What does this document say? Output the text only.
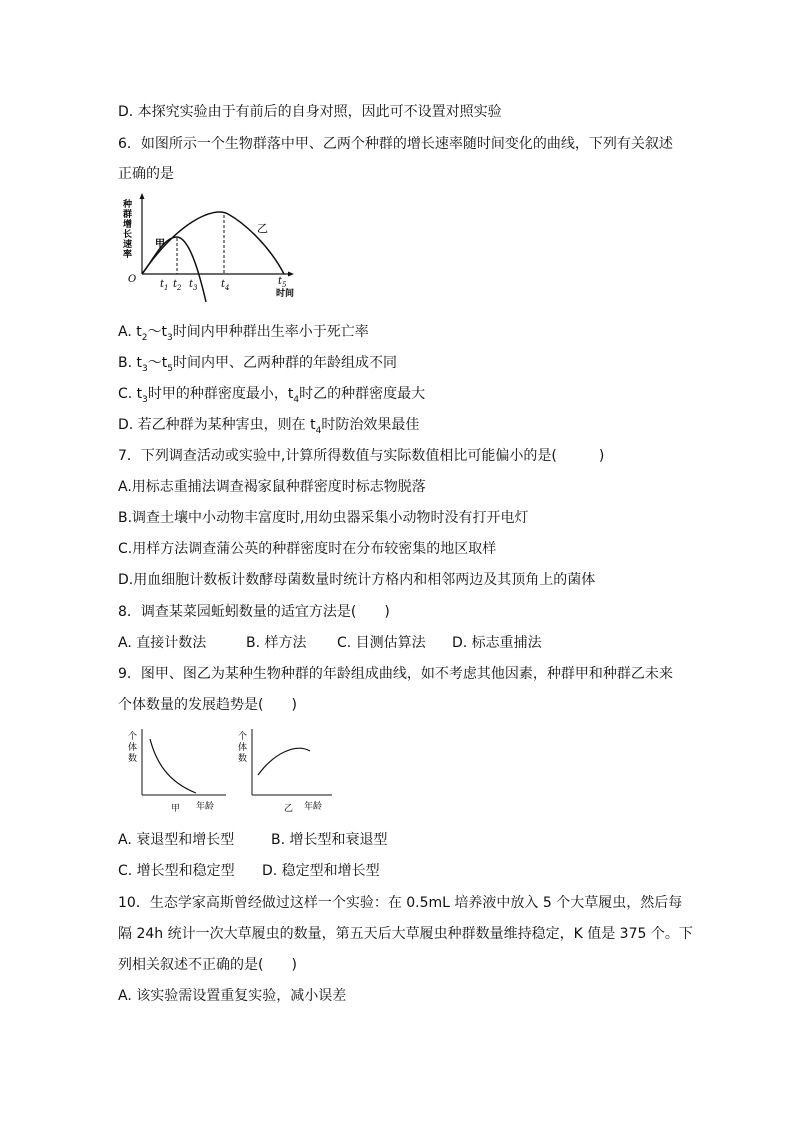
D. 本探究实验由于有前后的自身对照，因此可不设置对照实验
6．如图所示一个生物群落中甲、乙两个种群的增长速率随时间变化的曲线，下列有关叙述
正确的是
种
群
增
长
速
率
O
甲
乙
$t_1$ $t_2$ $t_3$ $t_4$
$t_5$
时间
A. $t_2\sim t_3$时间内甲种群出生率小于死亡率
B. $t_3\sim t_5$时间内甲、乙两种群的年龄组成不同
C. $t_3$时甲的种群密度最小，$t_4$时乙的种群密度最大
D. 若乙种群为某种害虫，则在 $t_4$时防治效果最佳
7．下列调查活动或实验中,计算所得数值与实际数值相比可能偏小的是(　　　)
A.用标志重捕法调查褐家鼠种群密度时标志物脱落
B.调查土壤中小动物丰富度时,用幼虫器采集小动物时没有打开电灯
C.用样方法调查蒲公英的种群密度时在分布较密集的地区取样
D.用血细胞计数板计数酵母菌数量时统计方格内和相邻两边及其顶角上的菌体
8．调查某菜园蚯蚓数量的适宜方法是(　　)
A. 直接计数法	B. 样方法 C. 目测估算法 D. 标志重捕法
9．图甲、图乙为某种生物种群的年龄组成曲线，如不考虑其他因素，种群甲和种群乙未来
个体数量的发展趋势是(　　)
个
体
数
甲 年龄
个
体
数
乙 年龄
A. 衰退型和增长型	B. 增长型和衰退型
C. 增长型和稳定型 D. 稳定型和增长型
10．生态学家高斯曾经做过这样一个实验：在 0.5mL 培养液中放入 5 个大草履虫，然后每
隔 24h 统计一次大草履虫的数量，第五天后大草履虫种群数量维持稳定，K 值是 375 个。下
列相关叙述不正确的是(　　)
A. 该实验需设置重复实验，减小误差
